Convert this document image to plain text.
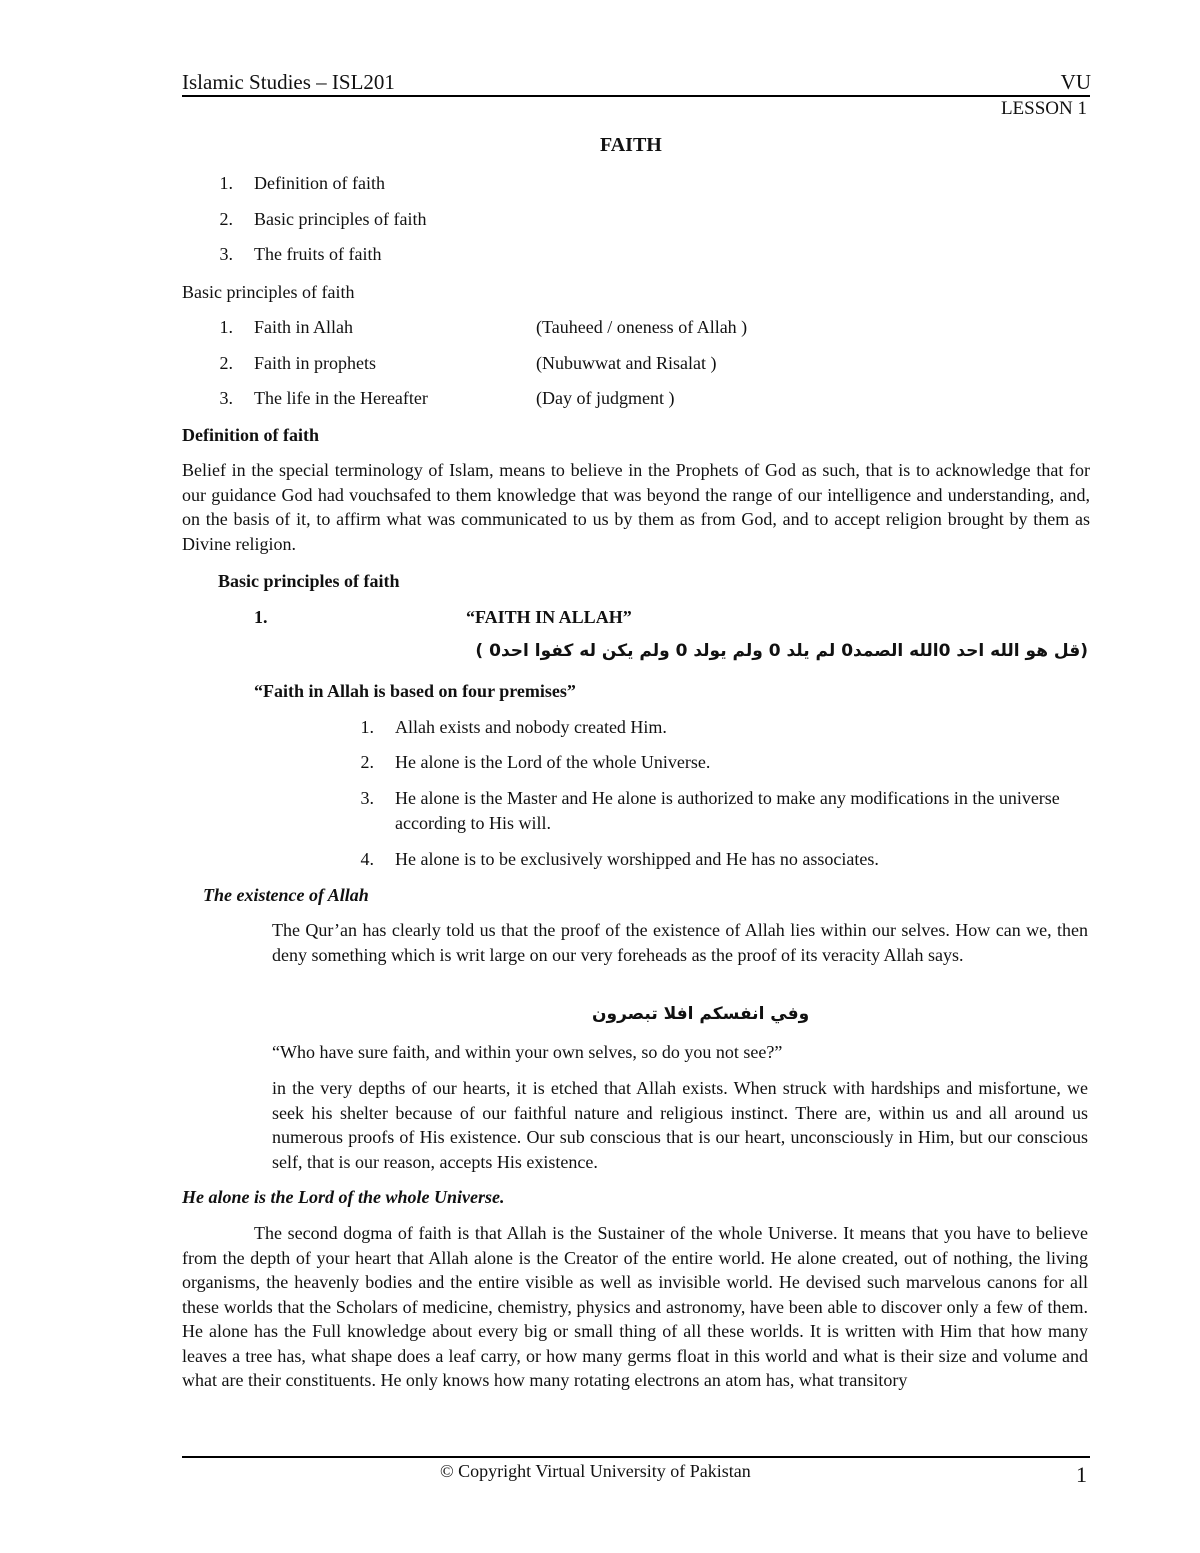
Islamic Studies – ISL201	VU
LESSON 1
FAITH
1. Definition of faith
2. Basic principles of faith
3. The fruits of faith
Basic principles of faith
1. Faith in Allah	(Tauheed / oneness of Allah )
2. Faith in prophets	(Nubuwwat and Risalat )
3. The life in the Hereafter	(Day of judgment )
Definition of faith
Belief in the special terminology of Islam, means to believe in the Prophets of God as such, that is to acknowledge that for our guidance God had vouchsafed to them knowledge that was beyond the range of our intelligence and understanding, and, on the basis of it, to affirm what was communicated to us by them as from God, and to accept religion brought by them as Divine religion.
Basic principles of faith
1.	“FAITH IN ALLAH”
(قل هو الله احد 0الله الصمد0 لم يلد 0 ولم يولد 0 ولم يكن له كفوا احد0 )
“Faith in Allah is based on four premises”
1. Allah exists and nobody created Him.
2. He alone is the Lord of the whole Universe.
3. He alone is the Master and He alone is authorized to make any modifications in the universe according to His will.
4. He alone is to be exclusively worshipped and He has no associates.
The existence of Allah
The Qur’an has clearly told us that the proof of the existence of Allah lies within our selves. How can we, then deny something which is writ large on our very foreheads as the proof of its veracity Allah says.
وفي انفسكم افلا تبصرون
“Who have sure faith, and within your own selves, so do you not see?”
in the very depths of our hearts, it is etched that Allah exists. When struck with hardships and misfortune, we seek his shelter because of our faithful nature and religious instinct. There are, within us and all around us numerous proofs of His existence. Our sub conscious that is our heart, unconsciously in Him, but our conscious self, that is our reason, accepts His existence.
He alone is the Lord of the whole Universe.
The second dogma of faith is that Allah is the Sustainer of the whole Universe. It means that you have to believe from the depth of your heart that Allah alone is the Creator of the entire world. He alone created, out of nothing, the living organisms, the heavenly bodies and the entire visible as well as invisible world. He devised such marvelous canons for all these worlds that the Scholars of medicine, chemistry, physics and astronomy, have been able to discover only a few of them. He alone has the Full knowledge about every big or small thing of all these worlds. It is written with Him that how many leaves a tree has, what shape does a leaf carry, or how many germs float in this world and what is their size and volume and what are their constituents. He only knows how many rotating electrons an atom has, what transitory
© Copyright Virtual University of Pakistan	1
